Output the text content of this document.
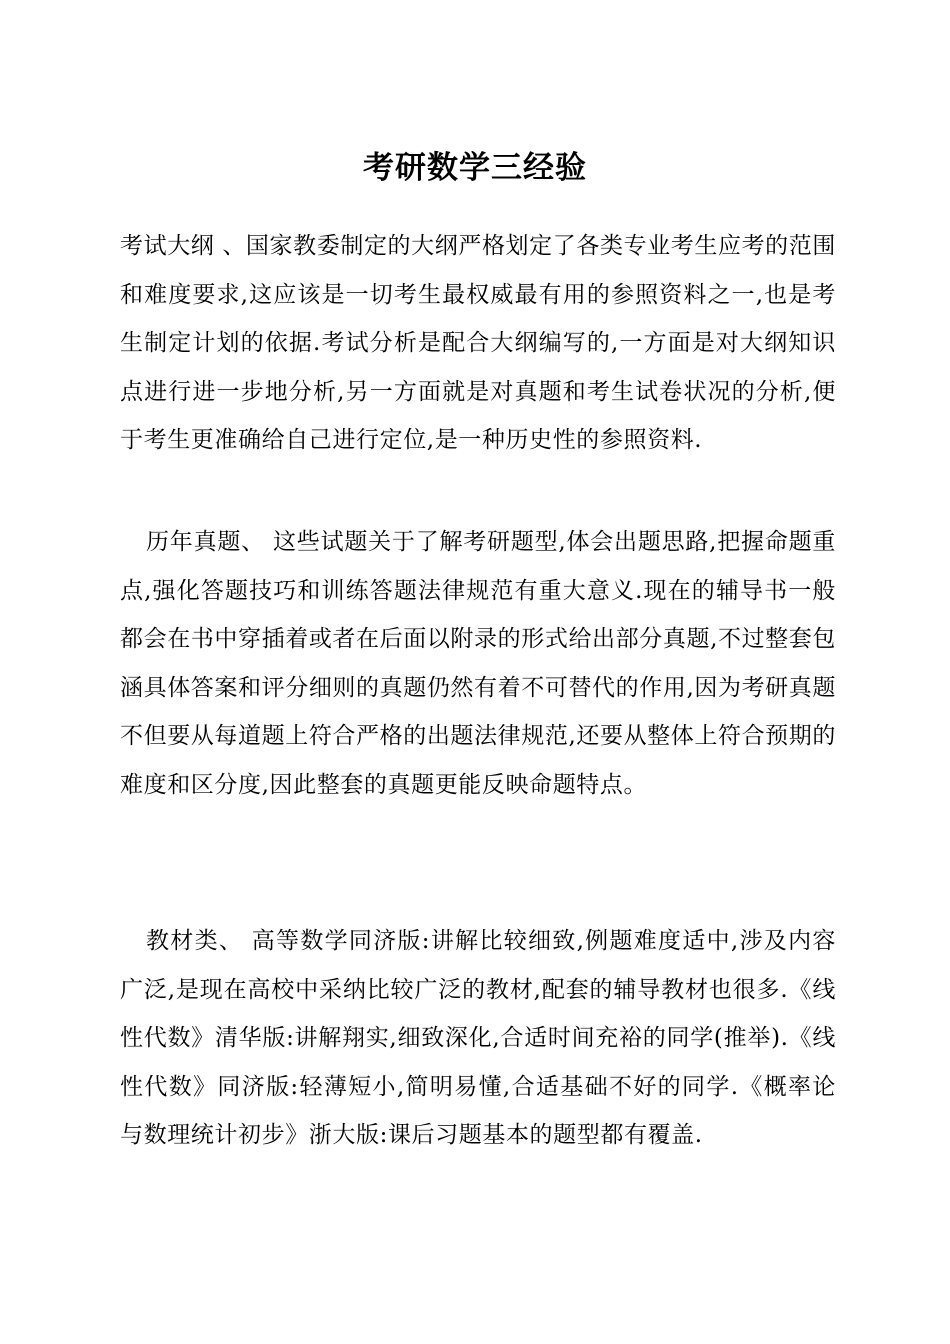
考研数学三经验

考试大纲 、国家教委制定的大纲严格划定了各类专业考生应考的范围和难度要求,这应该是一切考生最权威最有用的参照资料之一,也是考生制定计划的依据.考试分析是配合大纲编写的,一方面是对大纲知识点进行进一步地分析,另一方面就是对真题和考生试卷状况的分析,便于考生更准确给自己进行定位,是一种历史性的参照资料.

历年真题、 这些试题关于了解考研题型,体会出题思路,把握命题重点,强化答题技巧和训练答题法律规范有重大意义.现在的辅导书一般都会在书中穿插着或者在后面以附录的形式给出部分真题,不过整套包涵具体答案和评分细则的真题仍然有着不可替代的作用,因为考研真题不但要从每道题上符合严格的出题法律规范,还要从整体上符合预期的难度和区分度,因此整套的真题更能反映命题特点。

教材类、 高等数学同济版:讲解比较细致,例题难度适中,涉及内容广泛,是现在高校中采纳比较广泛的教材,配套的辅导教材也很多.《线性代数》清华版:讲解翔实,细致深化,合适时间充裕的同学(推举).《线性代数》同济版:轻薄短小,简明易懂,合适基础不好的同学.《概率论与数理统计初步》浙大版:课后习题基本的题型都有覆盖.
